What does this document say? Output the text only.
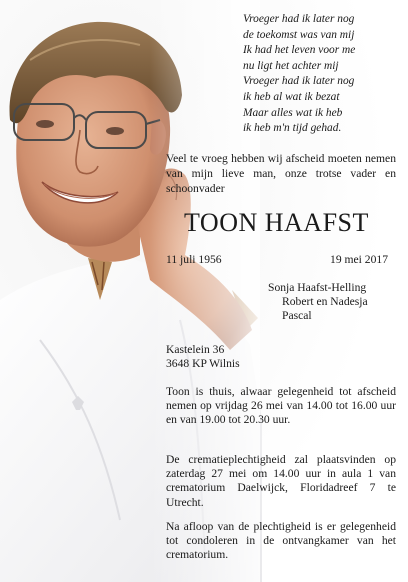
Vroeger had ik later nog
de toekomst was van mij
Ik had het leven voor me
nu ligt het achter mij
Vroeger had ik later nog
ik heb al wat ik bezat
Maar alles wat ik heb
ik heb m'n tijd gehad.

Veel te vroeg hebben wij afscheid moeten nemen van mijn lieve man, onze trotse vader en schoonvader

TOON HAAFST
11 juli 1956	19 mei 2017
Sonja Haafst-Helling
Robert en Nadesja
Pascal
Kastelein 36
3648 KP Wilnis

Toon is thuis, alwaar gelegenheid tot afscheid nemen op vrijdag 26 mei van 14.00 tot 16.00 uur en van 19.00 tot 20.30 uur.

De crematieplechtigheid zal plaatsvinden op zaterdag 27 mei om 14.00 uur in aula 1 van crematorium Daelwijck, Floridadreef 7 te Utrecht.

Na afloop van de plechtigheid is er gelegenheid tot condoleren in de ontvangkamer van het crematorium.
